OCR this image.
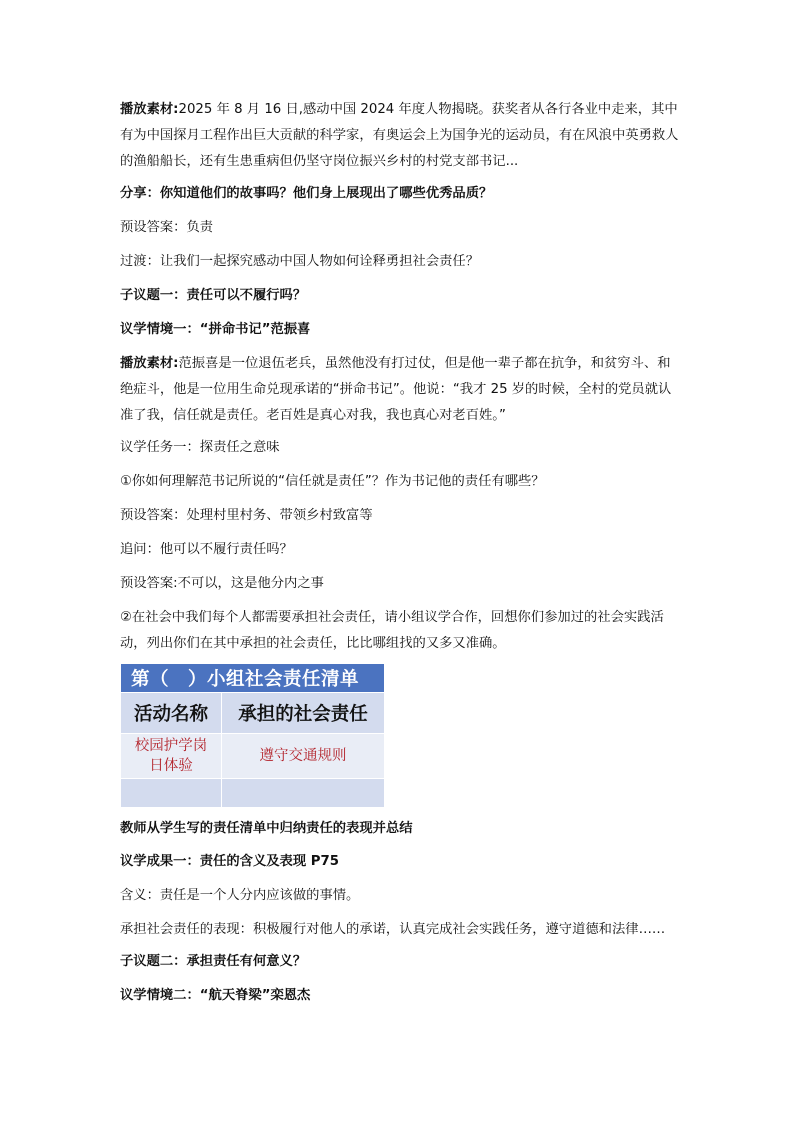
播放素材:2025 年 8 月 16 日,感动中国 2024 年度人物揭晓。获奖者从各行各业中走来，其中有为中国探月工程作出巨大贡献的科学家，有奥运会上为国争光的运动员，有在风浪中英勇救人的渔船船长，还有生患重病但仍坚守岗位振兴乡村的村党支部书记...

分享：你知道他们的故事吗？他们身上展现出了哪些优秀品质？

预设答案：负责

过渡：让我们一起探究感动中国人物如何诠释勇担社会责任？

子议题一：责任可以不履行吗？

议学情境一：“拼命书记”范振喜

播放素材:范振喜是一位退伍老兵，虽然他没有打过仗，但是他一辈子都在抗争，和贫穷斗、和绝症斗，他是一位用生命兑现承诺的“拼命书记”。他说：“我才 25 岁的时候，全村的党员就认准了我，信任就是责任。老百姓是真心对我，我也真心对老百姓。”

议学任务一：探责任之意味

①你如何理解范书记所说的“信任就是责任”？作为书记他的责任有哪些？

预设答案：处理村里村务、带领乡村致富等

追问：他可以不履行责任吗？

预设答案:不可以，这是他分内之事

②在社会中我们每个人都需要承担社会责任，请小组议学合作，回想你们参加过的社会实践活动，列出你们在其中承担的社会责任，比比哪组找的又多又准确。

第（　）小组社会责任清单	
活动名称	承担的社会责任

校园护学岗
日体验	遵守交通规则

教师从学生写的责任清单中归纳责任的表现并总结

议学成果一：责任的含义及表现 P75

含义：责任是一个人分内应该做的事情。

承担社会责任的表现：积极履行对他人的承诺，认真完成社会实践任务，遵守道德和法律……

子议题二：承担责任有何意义？

议学情境二：“航天脊梁”栾恩杰
